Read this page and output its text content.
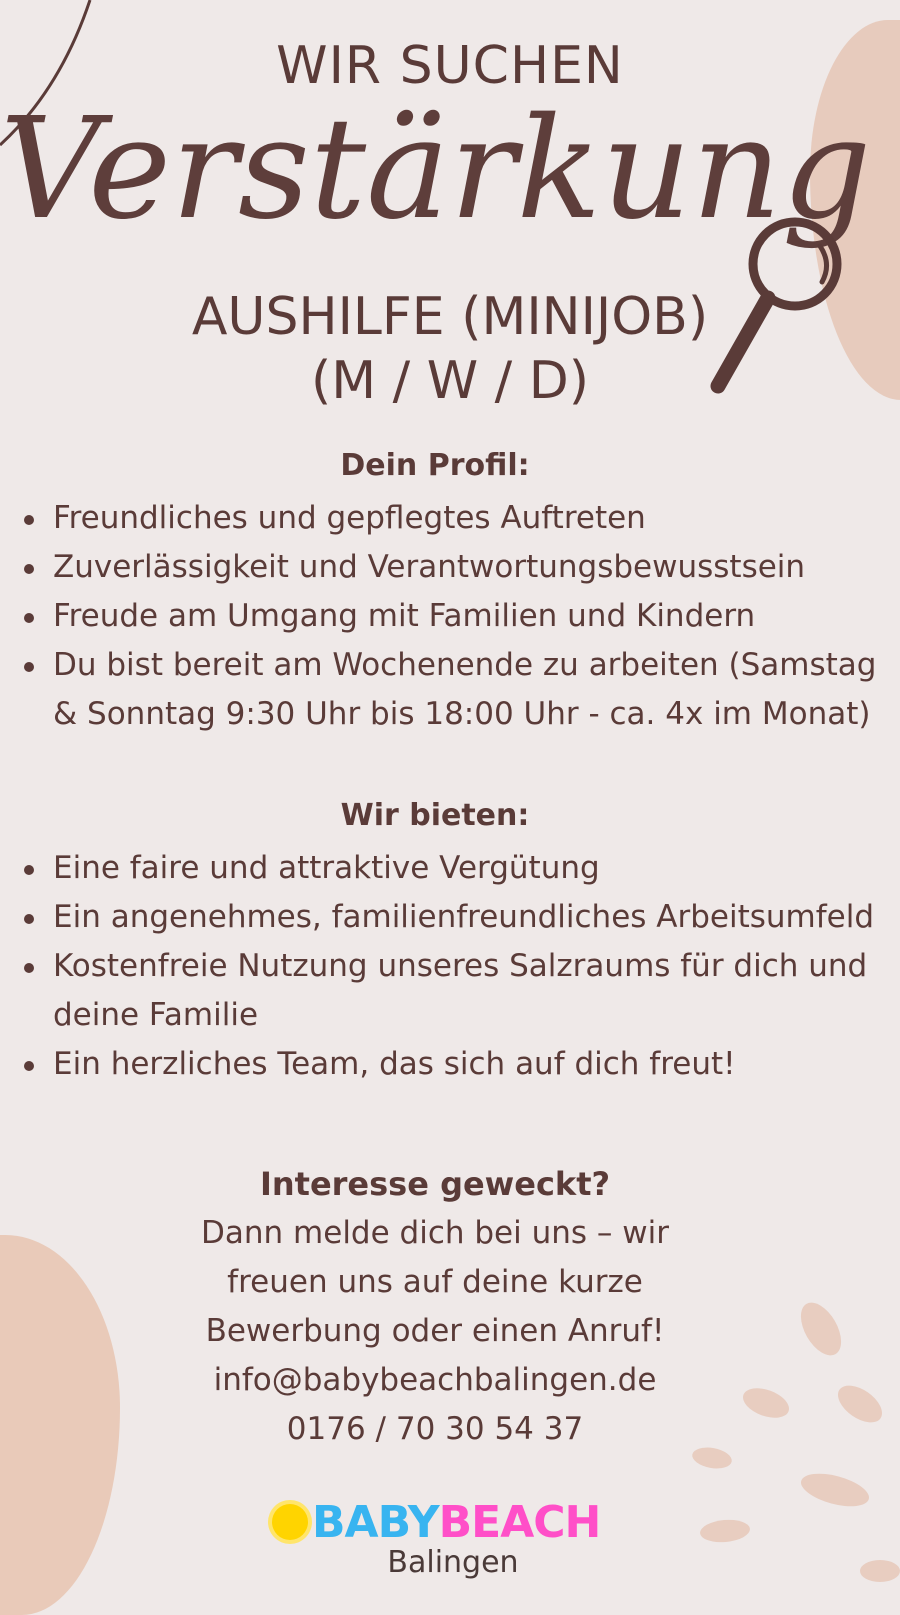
WIR SUCHEN
Verstärkung
AUSHILFE (MINIJOB)
(M / W / D)
Dein Profil:
Freundliches und gepflegtes Auftreten
Zuverlässigkeit und Verantwortungsbewusstsein
Freude am Umgang mit Familien und Kindern
Du bist bereit am Wochenende zu arbeiten (Samstag & Sonntag 9:30 Uhr bis 18:00 Uhr - ca. 4x im Monat)
Wir bieten:
Eine faire und attraktive Vergütung
Ein angenehmes, familienfreundliches Arbeitsumfeld
Kostenfreie Nutzung unseres Salzraums für dich und deine Familie
Ein herzliches Team, das sich auf dich freut!
Interesse geweckt?
Dann melde dich bei uns – wir
freuen uns auf deine kurze
Bewerbung oder einen Anruf!
info@babybeachbalingen.de
0176 / 70 30 54 37
BABYBEACH
Balingen
